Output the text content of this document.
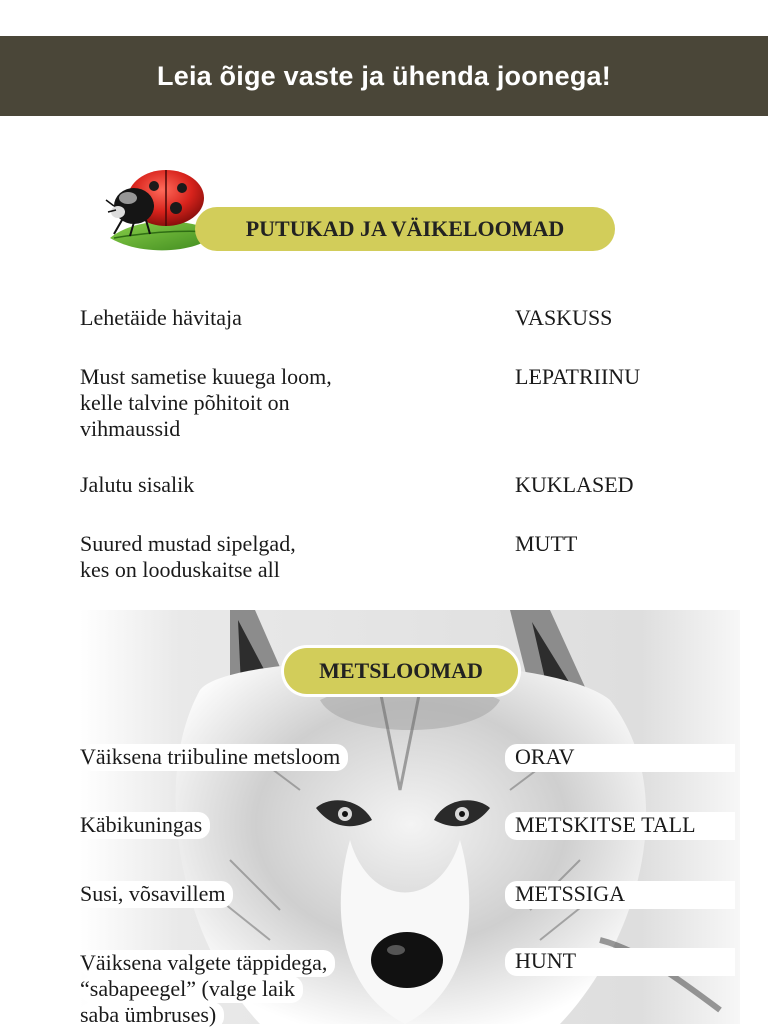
Leia õige vaste ja ühenda joonega!
PUTUKAD JA VÄIKELOOMAD
Lehetäide hävitaja
Must sametise kuuega loom,
kelle talvine põhitoit on
vihmaussid
Jalutu sisalik
Suured mustad sipelgad,
kes on looduskaitse all
VASKUSS
LEPATRIINU
KUKLASED
MUTT
METSLOOMAD
Väiksena triibuline metsloom
Käbikuningas
Susi, võsavillem
Väiksena valgete täppidega,
“sabapeegel” (valge laik
saba ümbruses)
ORAV
METSKITSE TALL
METSSIGA
HUNT
